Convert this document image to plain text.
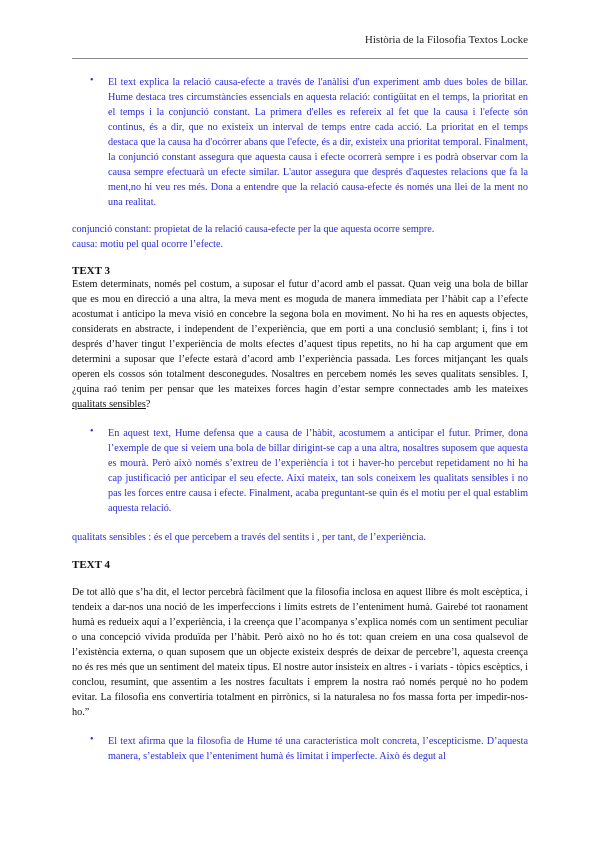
Història de la Filosofia Textos Locke
• El text explica la relació causa-efecte a través de l'anàlisi d'un experiment amb dues boles de billar. Hume destaca tres circumstàncies essencials en aquesta relació: contigüitat en el temps, la prioritat en el temps i la conjunció constant. La primera d'elles es refereix al fet que la causa i l'efecte són continus, és a dir, que no existeix un interval de temps entre cada acció. La prioritat en el temps destaca que la causa ha d'ocórrer abans que l'efecte, és a dir, existeix una prioritat temporal. Finalment, la conjunció constant assegura que aquesta causa i efecte ocorrerà sempre i es podrà observar com la causa sempre efectuarà un efecte similar. L'autor assegura que després d'aquestes relacions que fa la ment,no hi veu res més. Dona a entendre que la relació causa-efecte és només una llei de la ment no una realitat.

conjunció constant: propietat de la relació causa-efecte per la que aquesta ocorre sempre.
causa: motiu pel qual ocorre l’efecte.
TEXT 3

Estem determinats, només pel costum, a suposar el futur d’acord amb el passat. Quan veig una bola de billar que es mou en direcció a una altra, la meva ment es moguda de manera immediata per l’hàbit cap a l’efecte acostumat i anticipo la meva visió en concebre la segona bola en moviment. No hi ha res en aquests objectes, considerats en abstracte, i independent de l’experiència, que em porti a una conclusió semblant; i, fins i tot després d’haver tingut l’experiència de molts efectes d’aquest tipus repetits, no hi ha cap argument que em determini a suposar que l’efecte estarà d’acord amb l’experiència passada. Les forces mitjançant les quals operen els cossos són totalment desconegudes. Nosaltres en percebem només les seves qualitats sensibles. I, ¿quina raó tenim per pensar que les mateixes forces hagin d’estar sempre connectades amb les mateixes qualitats sensibles?

• En aquest text, Hume defensa que a causa de l’hàbit, acostumem a anticipar el futur. Primer, dona l’exemple de que si veiem una bola de billar dirigint-se cap a una altra, nosaltres suposem que aquesta es mourà. Però això només s’extreu de l’experiència i tot i haver-ho percebut repetidament no hi ha cap justificació per anticipar el seu efecte. Així mateix, tan sols coneixem les qualitats sensibles i no pas les forces entre causa i efecte. Finalment, acaba preguntant-se quin és el motiu per el qual establim aquesta relació.

qualitats sensibles : és el que percebem a través del sentits i , per tant, de l’experiència.
TEXT 4

De tot allò que s’ha dit, el lector percebrà fàcilment que la filosofia inclosa en aquest llibre és molt escèptica, i tendeix a dar-nos una noció de les imperfeccions i límits estrets de l’enteniment humà. Gairebé tot raonament humà es redueix aquí a l’experiència, i la creença que l’acompanya s’explica només com un sentiment peculiar o una concepció vívida produïda per l’hàbit. Però això no ho és tot: quan creiem en una cosa qualsevol de l’existència externa, o quan suposem que un objecte existeix després de deixar de percebre’l, aquesta creença no és res més que un sentiment del mateix tipus. El nostre autor insisteix en altres - i variats - tòpics escèptics, i conclou, resumint, que assentim a les nostres facultats i emprem la nostra raó només perquè no ho podem evitar. La filosofia ens convertiria totalment en pirrònics, si la naturalesa no fos massa forta per impedir-nos-ho.”

• El text afirma que la filosofia de Hume té una característica molt concreta, l’escepticisme. D’aquesta manera, s’estableix que l’enteniment humà és limitat i imperfecte. Això és degut al
